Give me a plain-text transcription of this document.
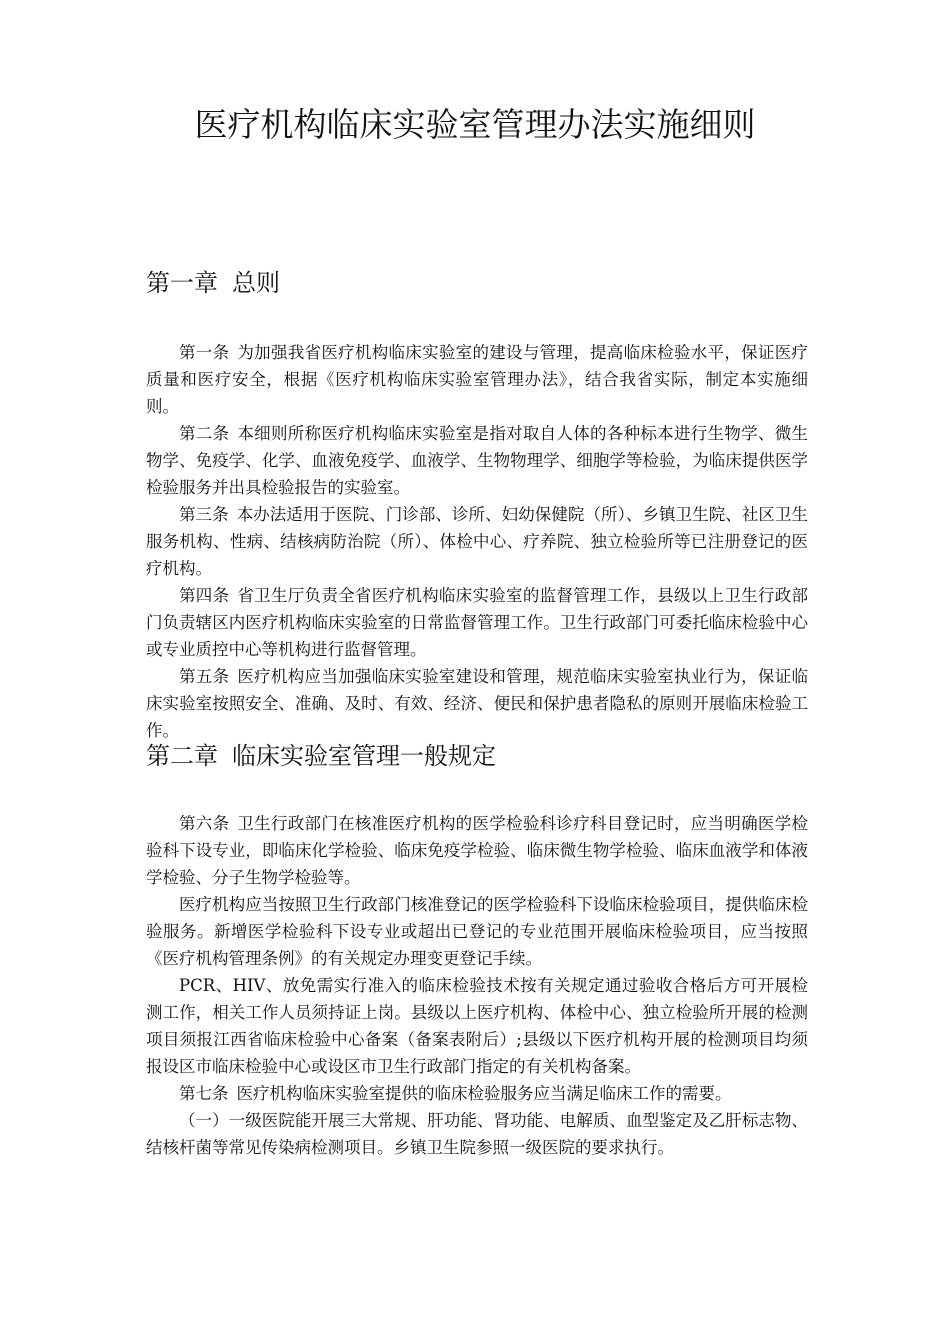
医疗机构临床实验室管理办法实施细则
第一章 总则

第一条 为加强我省医疗机构临床实验室的建设与管理，提高临床检验水平，保证医疗质量和医疗安全，根据《医疗机构临床实验室管理办法》，结合我省实际，制定本实施细则。

第二条 本细则所称医疗机构临床实验室是指对取自人体的各种标本进行生物学、微生物学、免疫学、化学、血液免疫学、血液学、生物物理学、细胞学等检验，为临床提供医学检验服务并出具检验报告的实验室。

第三条 本办法适用于医院、门诊部、诊所、妇幼保健院（所）、乡镇卫生院、社区卫生服务机构、性病、结核病防治院（所）、体检中心、疗养院、独立检验所等已注册登记的医疗机构。

第四条 省卫生厅负责全省医疗机构临床实验室的监督管理工作，县级以上卫生行政部门负责辖区内医疗机构临床实验室的日常监督管理工作。卫生行政部门可委托临床检验中心或专业质控中心等机构进行监督管理。

第五条 医疗机构应当加强临床实验室建设和管理，规范临床实验室执业行为，保证临床实验室按照安全、准确、及时、有效、经济、便民和保护患者隐私的原则开展临床检验工作。

第二章 临床实验室管理一般规定

第六条 卫生行政部门在核准医疗机构的医学检验科诊疗科目登记时，应当明确医学检验科下设专业，即临床化学检验、临床免疫学检验、临床微生物学检验、临床血液学和体液学检验、分子生物学检验等。

医疗机构应当按照卫生行政部门核准登记的医学检验科下设临床检验项目，提供临床检验服务。新增医学检验科下设专业或超出已登记的专业范围开展临床检验项目，应当按照《医疗机构管理条例》的有关规定办理变更登记手续。

PCR、HIV、放免需实行准入的临床检验技术按有关规定通过验收合格后方可开展检测工作，相关工作人员须持证上岗。县级以上医疗机构、体检中心、独立检验所开展的检测项目须报江西省临床检验中心备案（备案表附后）;县级以下医疗机构开展的检测项目均须报设区市临床检验中心或设区市卫生行政部门指定的有关机构备案。

第七条 医疗机构临床实验室提供的临床检验服务应当满足临床工作的需要。

（一）一级医院能开展三大常规、肝功能、肾功能、电解质、血型鉴定及乙肝标志物、结核杆菌等常见传染病检测项目。乡镇卫生院参照一级医院的要求执行。
